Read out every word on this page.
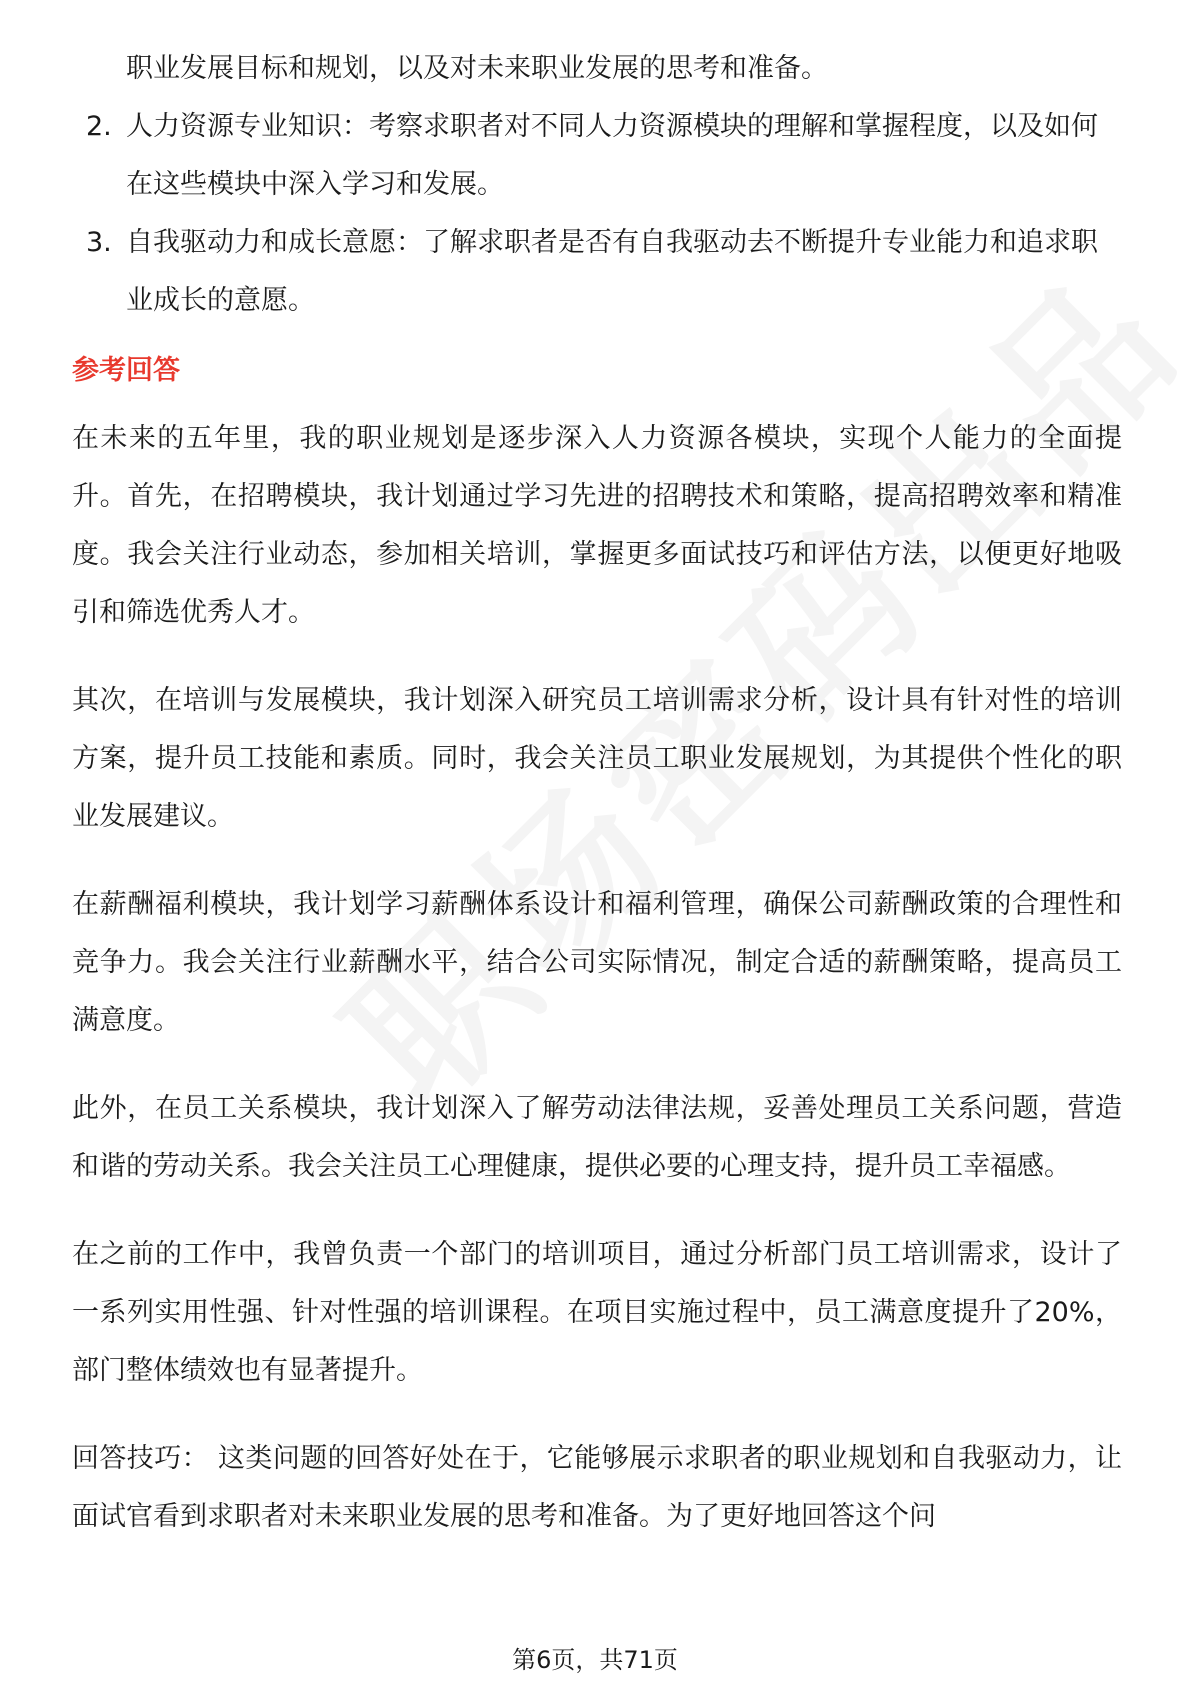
职业发展目标和规划，以及对未来职业发展的思考和准备。

2. 人力资源专业知识：考察求职者对不同人力资源模块的理解和掌握程度，以及如何在这些模块中深入学习和发展。
3. 自我驱动力和成长意愿：了解求职者是否有自我驱动去不断提升专业能力和追求职业成长的意愿。
参考回答

在未来的五年里，我的职业规划是逐步深入人力资源各模块，实现个人能力的全面提升。首先，在招聘模块，我计划通过学习先进的招聘技术和策略，提高招聘效率和精准度。我会关注行业动态，参加相关培训，掌握更多面试技巧和评估方法，以便更好地吸引和筛选优秀人才。

其次，在培训与发展模块，我计划深入研究员工培训需求分析，设计具有针对性的培训方案，提升员工技能和素质。同时，我会关注员工职业发展规划，为其提供个性化的职业发展建议。

在薪酬福利模块，我计划学习薪酬体系设计和福利管理，确保公司薪酬政策的合理性和竞争力。我会关注行业薪酬水平，结合公司实际情况，制定合适的薪酬策略，提高员工满意度。

此外，在员工关系模块，我计划深入了解劳动法律法规，妥善处理员工关系问题，营造和谐的劳动关系。我会关注员工心理健康，提供必要的心理支持，提升员工幸福感。

在之前的工作中，我曾负责一个部门的培训项目，通过分析部门员工培训需求，设计了一系列实用性强、针对性强的培训课程。在项目实施过程中，员工满意度提升了20%，部门整体绩效也有显著提升。

回答技巧： 这类问题的回答好处在于，它能够展示求职者的职业规划和自我驱动力，让面试官看到求职者对未来职业发展的思考和准备。为了更好地回答这个问

第6页，共71页
